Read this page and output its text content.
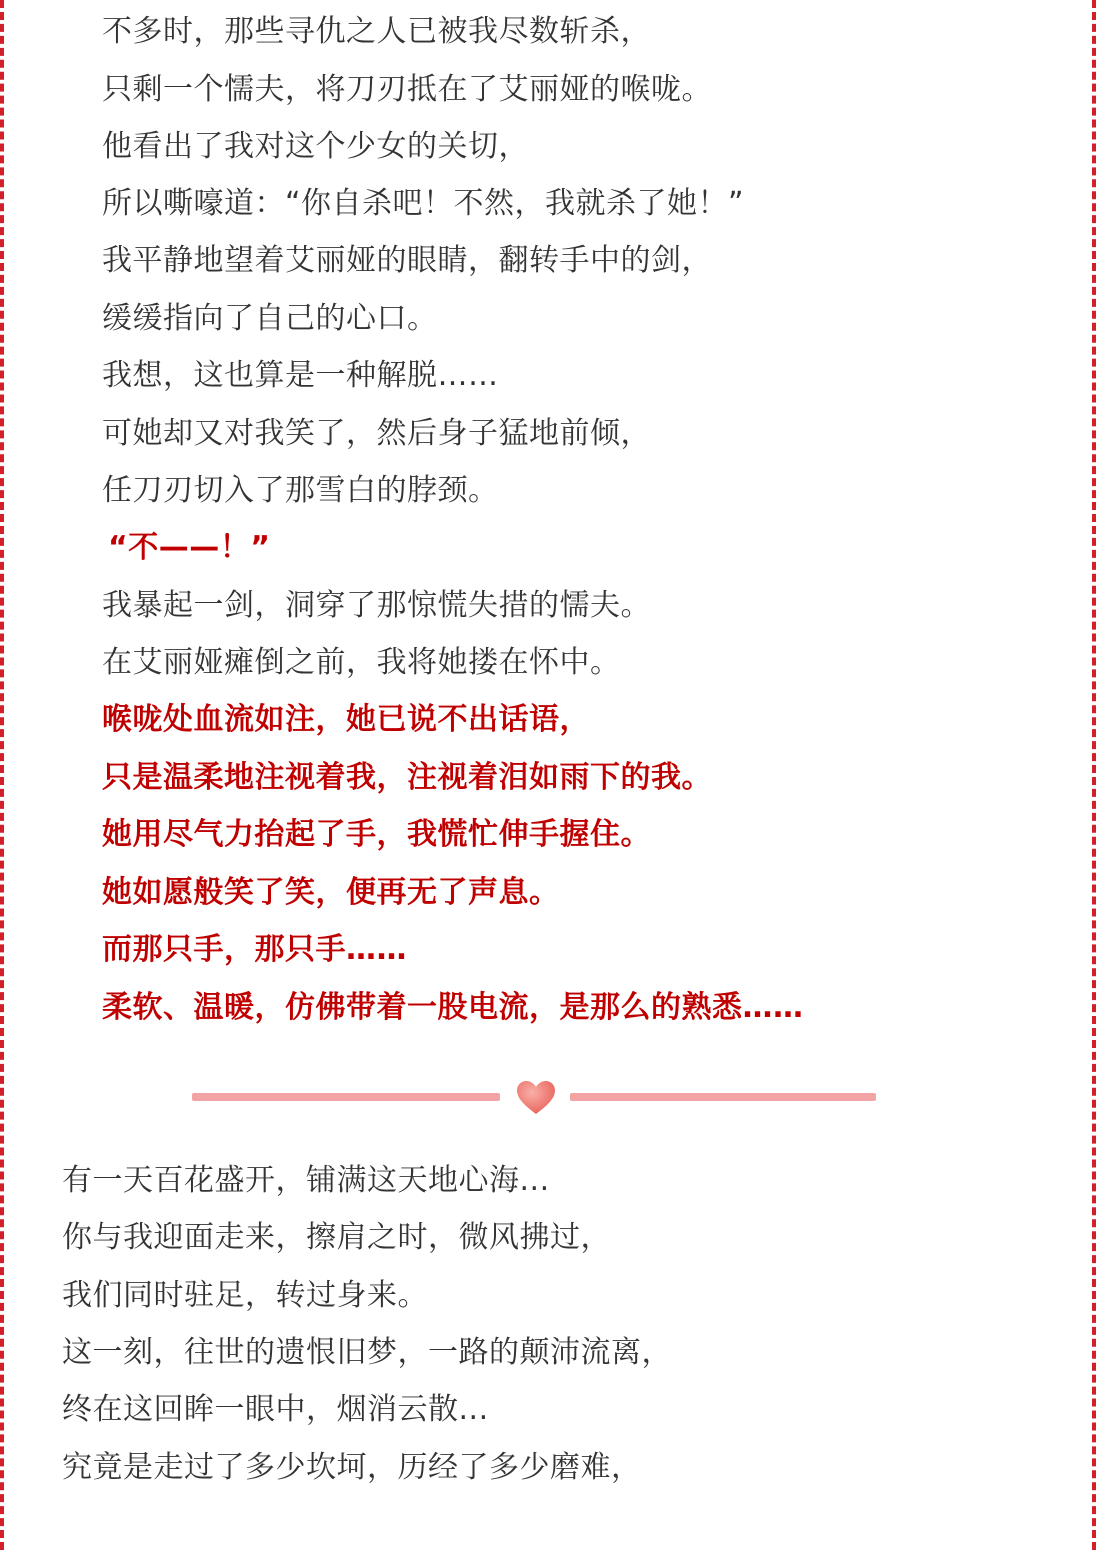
不多时，那些寻仇之人已被我尽数斩杀，
只剩一个懦夫，将刀刃抵在了艾丽娅的喉咙。
他看出了我对这个少女的关切，
所以嘶嚎道：“你自杀吧！不然，我就杀了她！”
我平静地望着艾丽娅的眼睛，翻转手中的剑，
缓缓指向了自己的心口。
我想，这也算是一种解脱……
可她却又对我笑了，然后身子猛地前倾，
任刀刃切入了那雪白的脖颈。
“不——！”
我暴起一剑，洞穿了那惊慌失措的懦夫。
在艾丽娅瘫倒之前，我将她搂在怀中。
喉咙处血流如注，她已说不出话语，
只是温柔地注视着我，注视着泪如雨下的我。
她用尽气力抬起了手，我慌忙伸手握住。
她如愿般笑了笑，便再无了声息。
而那只手，那只手……
柔软、温暖，仿佛带着一股电流，是那么的熟悉……
有一天百花盛开，铺满这天地心海...
你与我迎面走来，擦肩之时，微风拂过，
我们同时驻足，转过身来。
这一刻，往世的遗恨旧梦，一路的颠沛流离，
终在这回眸一眼中，烟消云散...
究竟是走过了多少坎坷，历经了多少磨难，
